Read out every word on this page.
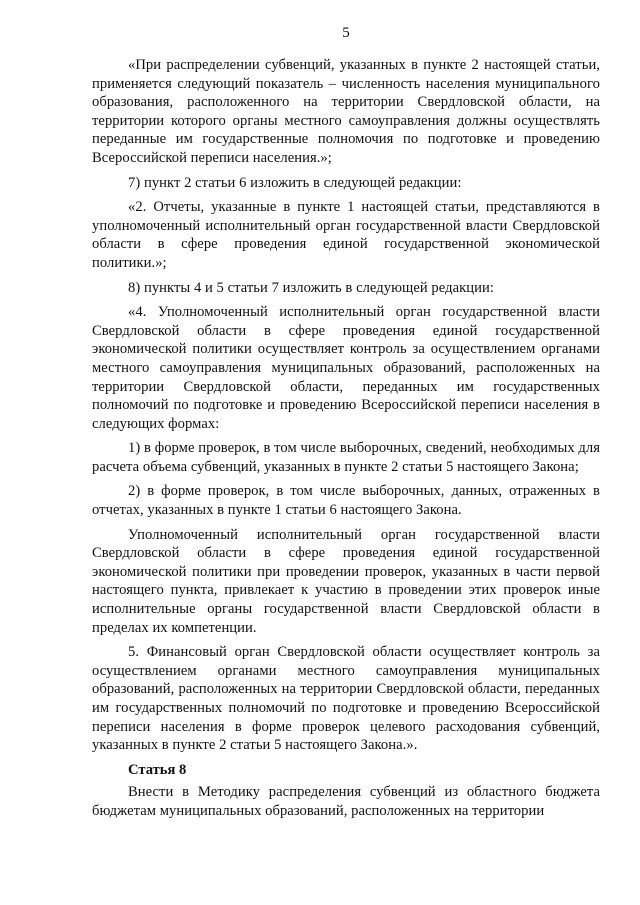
5

«При распределении субвенций, указанных в пункте 2 настоящей статьи, применяется следующий показатель – численность населения муниципального образования, расположенного на территории Свердловской области, на территории которого органы местного самоуправления должны осуществлять переданные им государственные полномочия по подготовке и проведению Всероссийской переписи населения.»;

7) пункт 2 статьи 6 изложить в следующей редакции:

«2. Отчеты, указанные в пункте 1 настоящей статьи, представляются в уполномоченный исполнительный орган государственной власти Свердловской области в сфере проведения единой государственной экономической политики.»;

8) пункты 4 и 5 статьи 7 изложить в следующей редакции:

«4. Уполномоченный исполнительный орган государственной власти Свердловской области в сфере проведения единой государственной экономической политики осуществляет контроль за осуществлением органами местного самоуправления муниципальных образований, расположенных на территории Свердловской области, переданных им государственных полномочий по подготовке и проведению Всероссийской переписи населения в следующих формах:

1) в форме проверок, в том числе выборочных, сведений, необходимых для расчета объема субвенций, указанных в пункте 2 статьи 5 настоящего Закона;

2) в форме проверок, в том числе выборочных, данных, отраженных в отчетах, указанных в пункте 1 статьи 6 настоящего Закона.

Уполномоченный исполнительный орган государственной власти Свердловской области в сфере проведения единой государственной экономической политики при проведении проверок, указанных в части первой настоящего пункта, привлекает к участию в проведении этих проверок иные исполнительные органы государственной власти Свердловской области в пределах их компетенции.

5. Финансовый орган Свердловской области осуществляет контроль за осуществлением органами местного самоуправления муниципальных образований, расположенных на территории Свердловской области, переданных им государственных полномочий по подготовке и проведению Всероссийской переписи населения в форме проверок целевого расходования субвенций, указанных в пункте 2 статьи 5 настоящего Закона.».

Статья 8

Внести в Методику распределения субвенций из областного бюджета бюджетам муниципальных образований, расположенных на территории
